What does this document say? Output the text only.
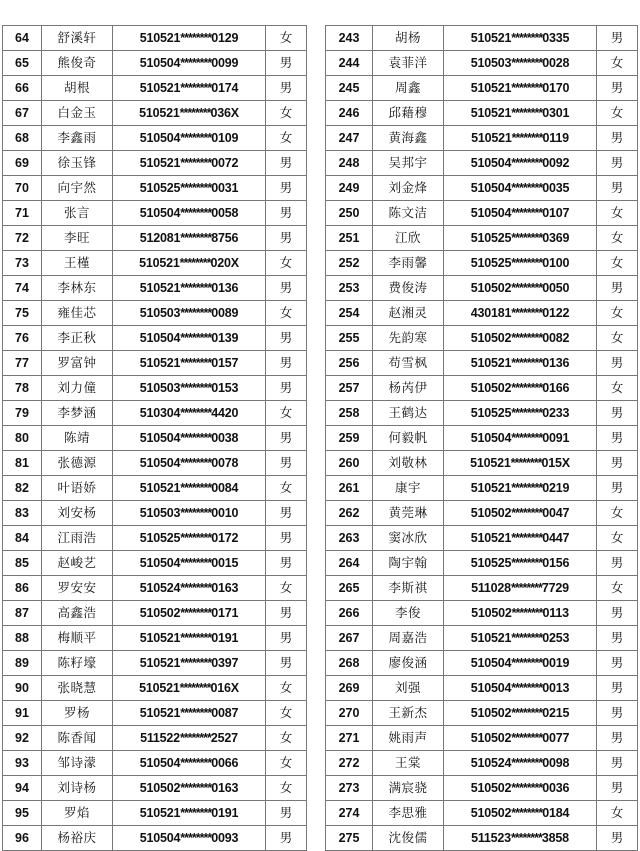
64	舒溪轩	510521********0129	女
65	熊俊奇	510504********0099	男
66	胡根	510521********0174	男
67	白金玉	510521********036X	女
68	李鑫雨	510504********0109	女
69	徐玉锋	510521********0072	男
70	向宇然	510525********0031	男
71	张言	510504********0058	男
72	李旺	512081********8756	男
73	王槿	510521********020X	女
74	李林东	510521********0136	男
75	雍佳芯	510503********0089	女
76	李正秋	510504********0139	男
77	罗富钟	510521********0157	男
78	刘力僮	510503********0153	男
79	李梦涵	510304********4420	女
80	陈靖	510504********0038	男
81	张德源	510504********0078	男
82	叶语娇	510521********0084	女
83	刘安杨	510503********0010	男
84	江雨浩	510525********0172	男
85	赵峻艺	510504********0015	男
86	罗安安	510524********0163	女
87	高鑫浩	510502********0171	男
88	梅顺平	510521********0191	男
89	陈籽壕	510521********0397	男
90	张晓慧	510521********016X	女
91	罗杨	510521********0087	女
92	陈香闻	511522********2527	女
93	邹诗濛	510504********0066	女
94	刘诗杨	510502********0163	女
95	罗焰	510521********0191	男
96	杨裕庆	510504********0093	男
243	胡杨	510521********0335	男
244	袁菲洋	510503********0028	女
245	周鑫	510521********0170	男
246	邱藉穆	510521********0301	女
247	黄海鑫	510521********0119	男
248	吴邦宇	510504********0092	男
249	刘金烽	510504********0035	男
250	陈文洁	510504********0107	女
251	江欣	510525********0369	女
252	李雨馨	510525********0100	女
253	费俊涛	510502********0050	男
254	赵湘灵	430181********0122	女
255	先韵寒	510502********0082	女
256	苟雪枫	510521********0136	男
257	杨芮伊	510502********0166	女
258	王鹤达	510525********0233	男
259	何毅帆	510504********0091	男
260	刘敬林	510521********015X	男
261	康宇	510521********0219	男
262	黄莞琳	510502********0047	女
263	窦冰欣	510521********0447	女
264	陶宇翰	510525********0156	男
265	李斯祺	511028********7729	女
266	李俊	510502********0113	男
267	周嘉浩	510521********0253	男
268	廖俊涵	510504********0019	男
269	刘强	510504********0013	男
270	王新杰	510502********0215	男
271	姚雨声	510502********0077	男
272	王棠	510524********0098	男
273	满宸骁	510502********0036	男
274	李思雅	510502********0184	女
275	沈俊儒	511523********3858	男
